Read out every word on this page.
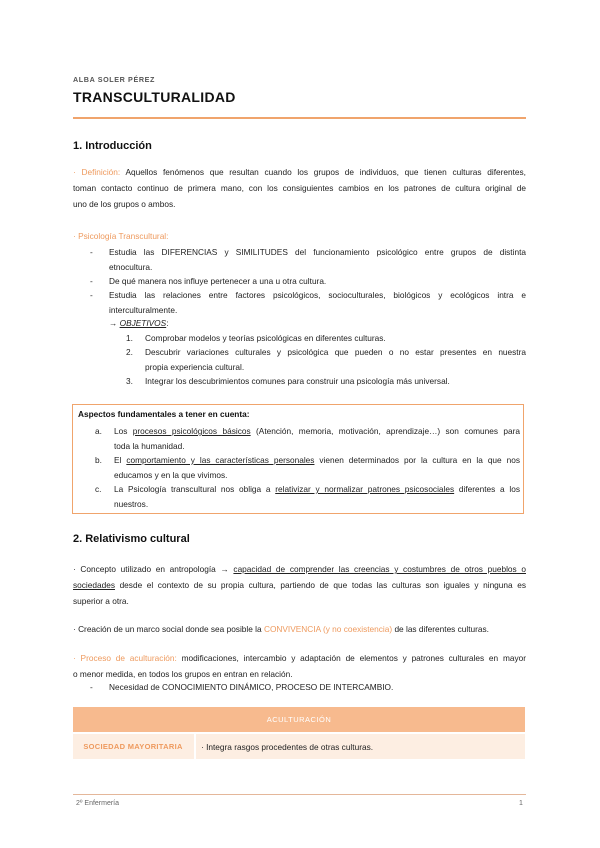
ALBA SOLER PÉREZ
TRANSCULTURALIDAD
1. Introducción
· Definición: Aquellos fenómenos que resultan cuando los grupos de individuos, que tienen culturas diferentes,
toman contacto continuo de primera mano, con los consiguientes cambios en los patrones de cultura original de
uno de los grupos o ambos.
· Psicología Transcultural:
- Estudia las DIFERENCIAS y SIMILITUDES del funcionamiento psicológico entre grupos de distinta
etnocultura.
- De qué manera nos influye pertenecer a una u otra cultura.
- Estudia las relaciones entre factores psicológicos, socioculturales, biológicos y ecológicos intra e
interculturalmente.
→ OBJETIVOS:
1. Comprobar modelos y teorías psicológicas en diferentes culturas.
2. Descubrir variaciones culturales y psicológica que pueden o no estar presentes en nuestra
propia experiencia cultural.
3. Integrar los descubrimientos comunes para construir una psicología más universal.
Aspectos fundamentales a tener en cuenta:
a. Los procesos psicológicos básicos (Atención, memoria, motivación, aprendizaje…) son comunes para
toda la humanidad.
b. El comportamiento y las características personales vienen determinados por la cultura en la que nos
educamos y en la que vivimos.
c. La Psicología transcultural nos obliga a relativizar y normalizar patrones psicosociales diferentes a los
nuestros.
2. Relativismo cultural
· Concepto utilizado en antropología → capacidad de comprender las creencias y costumbres de otros pueblos o
sociedades desde el contexto de su propia cultura, partiendo de que todas las culturas son iguales y ninguna es
superior a otra.
· Creación de un marco social donde sea posible la CONVIVENCIA (y no coexistencia) de las diferentes culturas.
· Proceso de aculturación: modificaciones, intercambio y adaptación de elementos y patrones culturales en mayor
o menor medida, en todos los grupos en entran en relación.
- Necesidad de CONOCIMIENTO DINÁMICO, PROCESO DE INTERCAMBIO.
ACULTURACIÓN
SOCIEDAD MAYORITARIA	· Integra rasgos procedentes de otras culturas.
2º Enfermería	1
